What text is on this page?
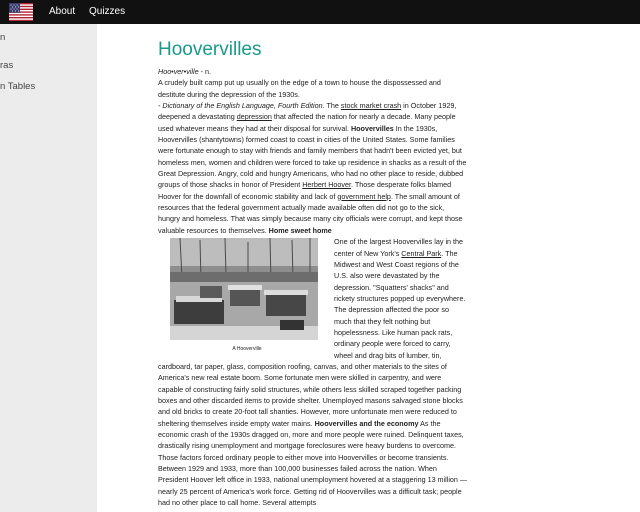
About Quizzes
n
ras
n Tables
Hoovervilles

Hoo•ver•ville - n.
A crudely built camp put up usually on the edge of a town to house the dispossessed and destitute during the depression of the 1930s.

- Dictionary of the English Language, Fourth Edition. The stock market crash in October 1929, deepened a devastating depression that affected the nation for nearly a decade. Many people used whatever means they had at their disposal for survival. Hoovervilles In the 1930s, Hoovervilles (shantytowns) formed coast to coast in cities of the United States. Some families were fortunate enough to stay with friends and family members that hadn't been evicted yet, but homeless men, women and children were forced to take up residence in shacks as a result of the Great Depression. Angry, cold and hungry Americans, who had no other place to reside, dubbed groups of those shacks in honor of President Herbert Hoover. Those desperate folks blamed Hoover for the downfall of economic stability and lack of government help. The small amount of resources that the federal government actually made available often did not go to the sick, hungry and homeless. That was simply because many city officials were corrupt, and kept those valuable resources to themselves. Home sweet home

A Hooverville

One of the largest Hoovervilles lay in the center of New York's Central Park. The Midwest and West Coast regions of the U.S. also were devastated by the depression. "Squatters' shacks" and rickety structures popped up everywhere. The depression affected the poor so much that they felt nothing but hopelessness. Like human pack rats, ordinary people were forced to carry, wheel and drag bits of lumber, tin, cardboard, tar paper, glass, composition roofing, canvas, and other materials to the sites of America's new real estate boom. Some fortunate men were skilled in carpentry, and were capable of constructing fairly solid structures, while others less skilled scraped together packing boxes and other discarded items to provide shelter. Unemployed masons salvaged stone blocks and old bricks to create 20-foot tall shanties. However, more unfortunate men were reduced to sheltering themselves inside empty water mains. Hoovervilles and the economy As the economic crash of the 1930s dragged on, more and more people were ruined. Delinquent taxes, drastically rising unemployment and mortgage foreclosures were heavy burdens to overcome. Those factors forced ordinary people to either move into Hoovervilles or become transients. Between 1929 and 1933, more than 100,000 businesses failed across the nation. When President Hoover left office in 1933, national unemployment hovered at a staggering 13 million — nearly 25 percent of America's work force. Getting rid of Hoovervilles was a difficult task; people had no other place to call home. Several attempts
